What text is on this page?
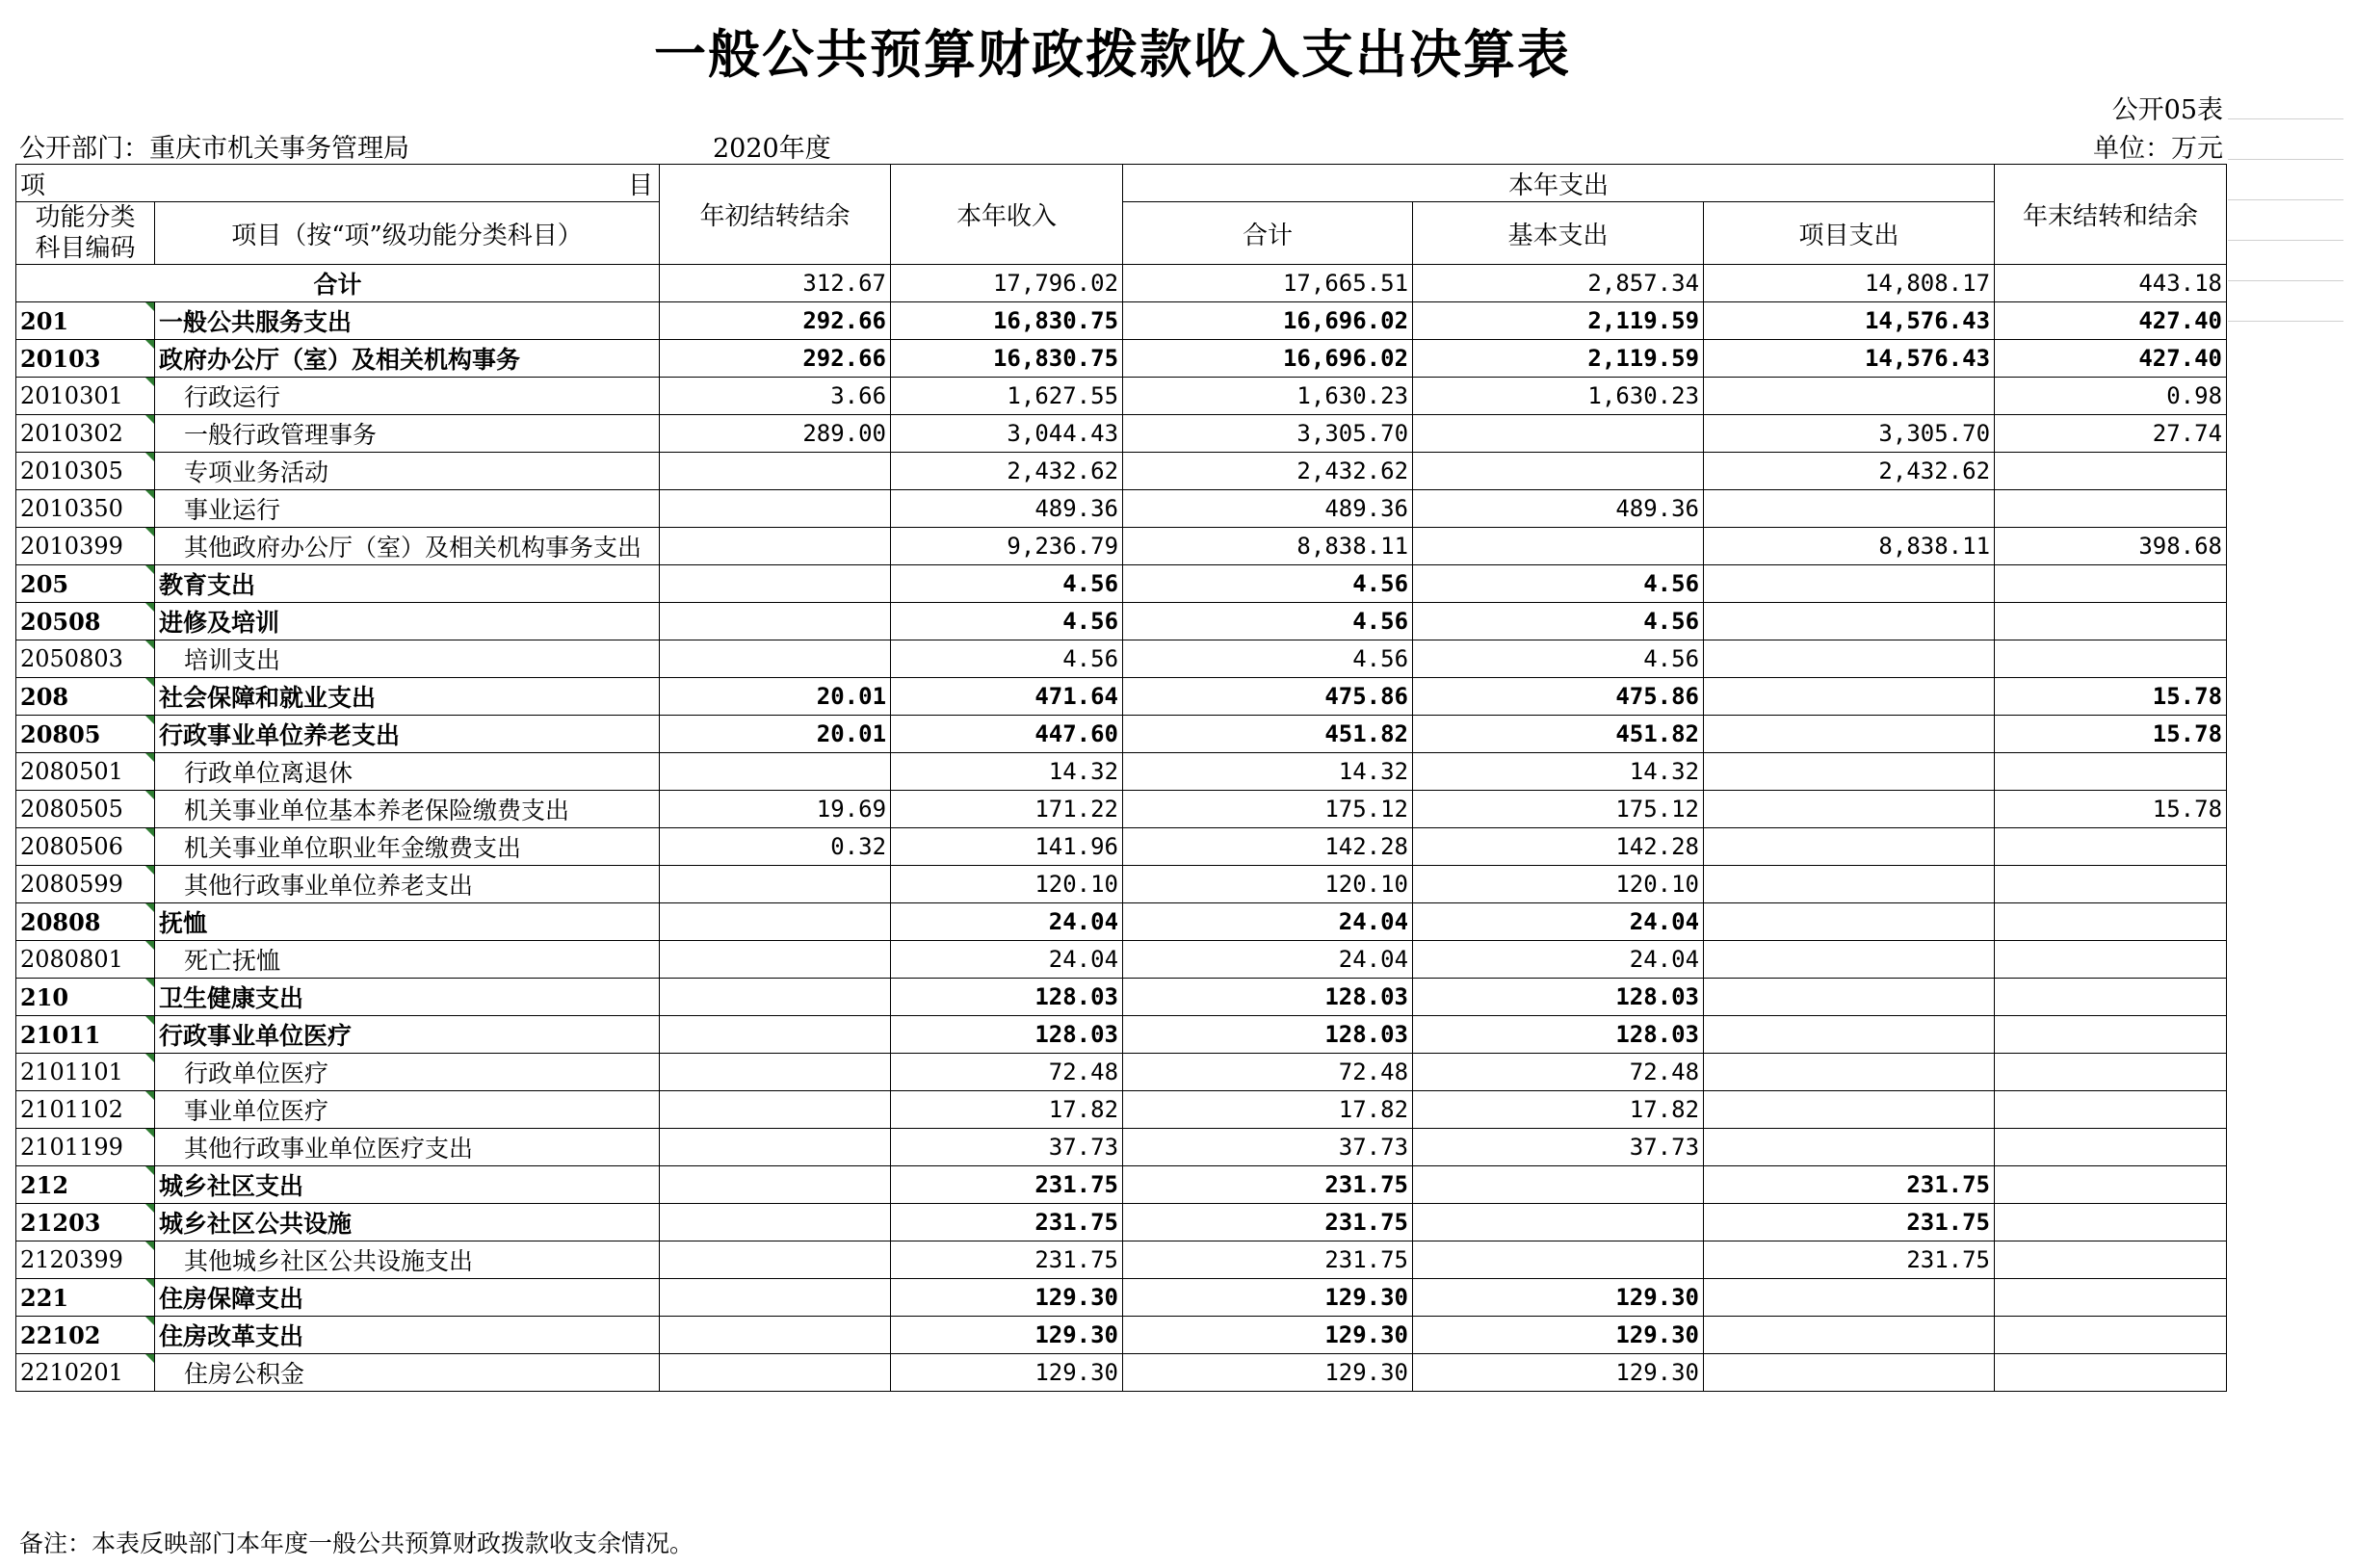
一般公共预算财政拨款收入支出决算表
公开05表
公开部门：重庆市机关事务管理局	2020年度	单位：万元
项 目		年初结转结余	本年收入	本年支出			年末结转和结余
功能分类科目编码	项目（按“项”级功能分类科目）			合计	基本支出	项目支出	
合计		312.67	17,796.02	17,665.51	2,857.34	14,808.17	443.18
201	一般公共服务支出	292.66	16,830.75	16,696.02	2,119.59	14,576.43	427.40
20103	政府办公厅（室）及相关机构事务	292.66	16,830.75	16,696.02	2,119.59	14,576.43	427.40
2010301	行政运行	3.66	1,627.55	1,630.23	1,630.23		0.98
2010302	一般行政管理事务	289.00	3,044.43	3,305.70		3,305.70	27.74
2010305	专项业务活动		2,432.62	2,432.62		2,432.62	
2010350	事业运行		489.36	489.36	489.36		
2010399	其他政府办公厅（室）及相关机构事务支出		9,236.79	8,838.11		8,838.11	398.68
205	教育支出		4.56	4.56	4.56		
20508	进修及培训		4.56	4.56	4.56		
2050803	培训支出		4.56	4.56	4.56		
208	社会保障和就业支出	20.01	471.64	475.86	475.86		15.78
20805	行政事业单位养老支出	20.01	447.60	451.82	451.82		15.78
2080501	行政单位离退休		14.32	14.32	14.32		
2080505	机关事业单位基本养老保险缴费支出	19.69	171.22	175.12	175.12		15.78
2080506	机关事业单位职业年金缴费支出	0.32	141.96	142.28	142.28		
2080599	其他行政事业单位养老支出		120.10	120.10	120.10		
20808	抚恤		24.04	24.04	24.04		
2080801	死亡抚恤		24.04	24.04	24.04		
210	卫生健康支出		128.03	128.03	128.03		
21011	行政事业单位医疗		128.03	128.03	128.03		
2101101	行政单位医疗		72.48	72.48	72.48		
2101102	事业单位医疗		17.82	17.82	17.82		
2101199	其他行政事业单位医疗支出		37.73	37.73	37.73		
212	城乡社区支出		231.75	231.75		231.75	
21203	城乡社区公共设施		231.75	231.75		231.75	
2120399	其他城乡社区公共设施支出		231.75	231.75		231.75	
221	住房保障支出		129.30	129.30	129.30		
22102	住房改革支出		129.30	129.30	129.30		
2210201	住房公积金		129.30	129.30	129.30		
备注：本表反映部门本年度一般公共预算财政拨款收支余情况。
